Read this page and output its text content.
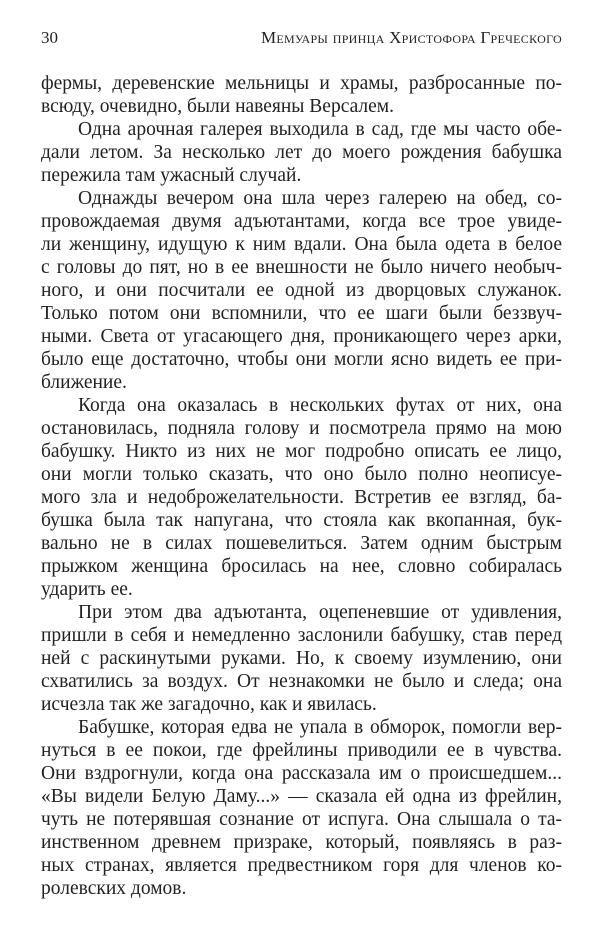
30	Мемуары принца Христофора Греческого
фермы, деревенские мельницы и храмы, разбросанные по-
всюду, очевидно, были навеяны Версалем.
Одна арочная галерея выходила в сад, где мы часто обе-
дали летом. За несколько лет до моего рождения бабушка
пережила там ужасный случай.
Однажды вечером она шла через галерею на обед, со-
провождаемая двумя адъютантами, когда все трое увиде-
ли женщину, идущую к ним вдали. Она была одета в белое
с головы до пят, но в ее внешности не было ничего необыч-
ного, и они посчитали ее одной из дворцовых служанок.
Только потом они вспомнили, что ее шаги были беззвуч-
ными. Света от угасающего дня, проникающего через арки,
было еще достаточно, чтобы они могли ясно видеть ее при-
ближение.
Когда она оказалась в нескольких футах от них, она
остановилась, подняла голову и посмотрела прямо на мою
бабушку. Никто из них не мог подробно описать ее лицо,
они могли только сказать, что оно было полно неописуе-
мого зла и недоброжелательности. Встретив ее взгляд, ба-
бушка была так напугана, что стояла как вкопанная, бук-
вально не в силах пошевелиться. Затем одним быстрым
прыжком женщина бросилась на нее, словно собиралась
ударить ее.
При этом два адъютанта, оцепеневшие от удивления,
пришли в себя и немедленно заслонили бабушку, став перед
ней с раскинутыми руками. Но, к своему изумлению, они
схватились за воздух. От незнакомки не было и следа; она
исчезла так же загадочно, как и явилась.
Бабушке, которая едва не упала в обморок, помогли вер-
нуться в ее покои, где фрейлины приводили ее в чувства.
Они вздрогнули, когда она рассказала им о происшедшем...
«Вы видели Белую Даму...» — сказала ей одна из фрейлин,
чуть не потерявшая сознание от испуга. Она слышала о та-
инственном древнем призраке, который, появляясь в раз-
ных странах, является предвестником горя для членов ко-
ролевских домов.
